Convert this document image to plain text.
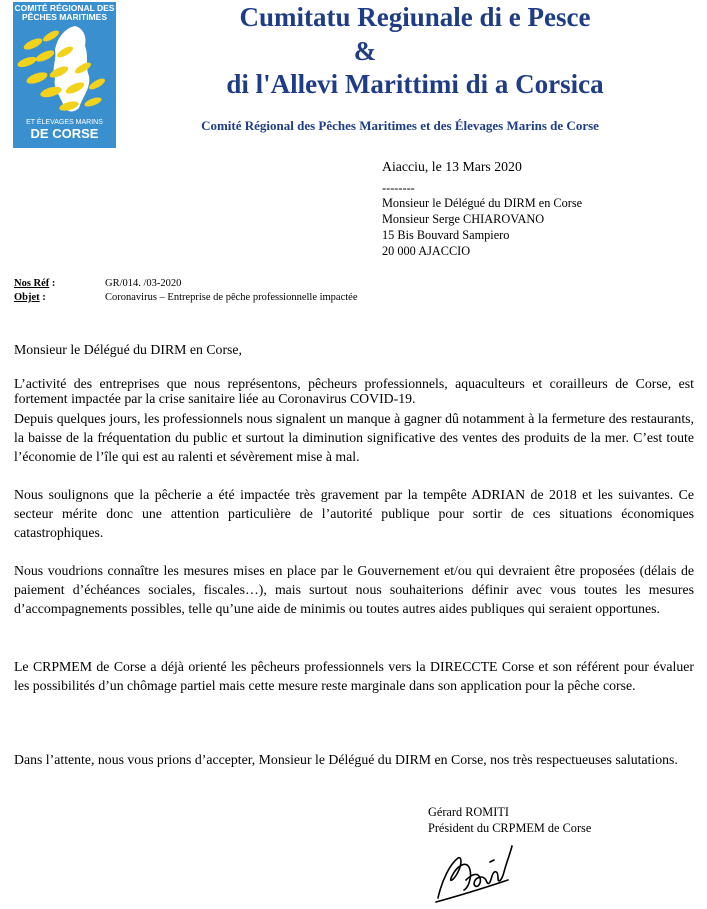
COMITÉ RÉGIONAL DES PÊCHES MARITIMES
ET ÉLEVAGES MARINS
DE CORSE
Cumitatu Regiunale di e Pesce
&
di l'Allevi Marittimi di a Corsica
Comité Régional des Pêches Maritimes et des Élevages Marins de Corse
Aiacciu, le 13 Mars 2020
--------
Monsieur le Délégué du DIRM en Corse
Monsieur Serge CHIAROVANO
15 Bis Bouvard Sampiero
20 000 AJACCIO
Nos Réf :	GR/014. /03-2020
Objet :	Coronavirus – Entreprise de pêche professionnelle impactée
Monsieur le Délégué du DIRM en Corse,

L’activité des entreprises que nous représentons, pêcheurs professionnels, aquaculteurs et corailleurs de Corse, est fortement impactée par la crise sanitaire liée au Coronavirus COVID-19.

Depuis quelques jours, les professionnels nous signalent un manque à gagner dû notamment à la fermeture des restaurants, la baisse de la fréquentation du public et surtout la diminution significative des ventes des produits de la mer. C’est toute l’économie de l’île qui est au ralenti et sévèrement mise à mal.

Nous soulignons que la pêcherie a été impactée très gravement par la tempête ADRIAN de 2018 et les suivantes. Ce secteur mérite donc une attention particulière de l’autorité publique pour sortir de ces situations économiques catastrophiques.

Nous voudrions connaître les mesures mises en place par le Gouvernement et/ou qui devraient être proposées (délais de paiement d’échéances sociales, fiscales…), mais surtout nous souhaiterions définir avec vous toutes les mesures d’accompagnements possibles, telle qu’une aide de minimis ou toutes autres aides publiques qui seraient opportunes.

Le CRPMEM de Corse a déjà orienté les pêcheurs professionnels vers la DIRECCTE Corse et son référent pour évaluer les possibilités d’un chômage partiel mais cette mesure reste marginale dans son application pour la pêche corse.

Dans l’attente, nous vous prions d’accepter, Monsieur le Délégué du DIRM en Corse, nos très respectueuses salutations.

Gérard ROMITI
Président du CRPMEM de Corse
